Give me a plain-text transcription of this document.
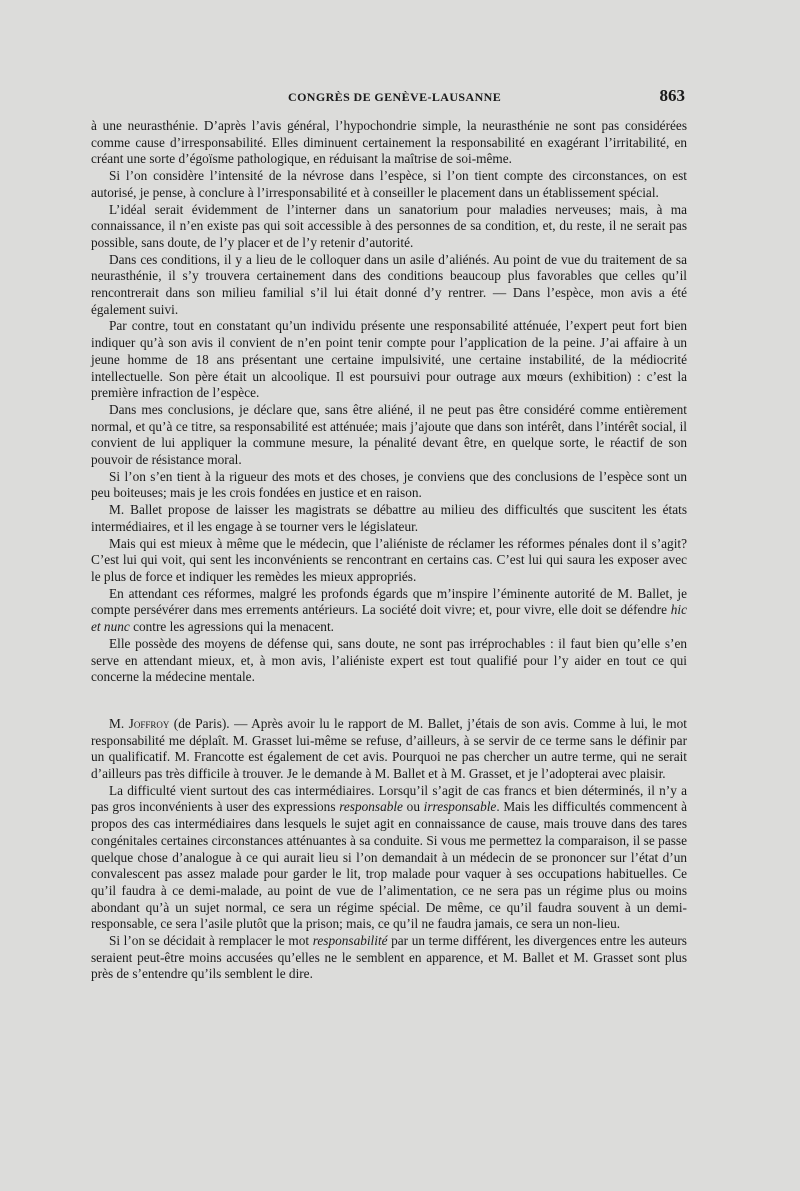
CONGRÈS DE GENÈVE-LAUSANNE	863

à une neurasthénie. D’après l’avis général, l’hypochondrie simple, la neurasthénie ne sont pas considérées comme cause d’irresponsabilité. Elles diminuent certainement la responsabilité en exagérant l’irritabilité, en créant une sorte d’égoïsme pathologique, en réduisant la maîtrise de soi-même.

Si l’on considère l’intensité de la névrose dans l’espèce, si l’on tient compte des circonstances, on est autorisé, je pense, à conclure à l’irresponsabilité et à conseiller le placement dans un établissement spécial.

L’idéal serait évidemment de l’interner dans un sanatorium pour maladies nerveuses; mais, à ma connaissance, il n’en existe pas qui soit accessible à des personnes de sa condition, et, du reste, il ne serait pas possible, sans doute, de l’y placer et de l’y retenir d’autorité.

Dans ces conditions, il y a lieu de le colloquer dans un asile d’aliénés. Au point de vue du traitement de sa neurasthénie, il s’y trouvera certainement dans des conditions beaucoup plus favorables que celles qu’il rencontrerait dans son milieu familial s’il lui était donné d’y rentrer. — Dans l’espèce, mon avis a été également suivi.

Par contre, tout en constatant qu’un individu présente une responsabilité atténuée, l’expert peut fort bien indiquer qu’à son avis il convient de n’en point tenir compte pour l’application de la peine. J’ai affaire à un jeune homme de 18 ans présentant une certaine impulsivité, une certaine instabilité, de la médiocrité intellectuelle. Son père était un alcoolique. Il est poursuivi pour outrage aux mœurs (exhibition) : c’est la première infraction de l’espèce.

Dans mes conclusions, je déclare que, sans être aliéné, il ne peut pas être considéré comme entièrement normal, et qu’à ce titre, sa responsabilité est atténuée; mais j’ajoute que dans son intérêt, dans l’intérêt social, il convient de lui appliquer la commune mesure, la pénalité devant être, en quelque sorte, le réactif de son pouvoir de résistance moral.

Si l’on s’en tient à la rigueur des mots et des choses, je conviens que des conclusions de l’espèce sont un peu boiteuses; mais je les crois fondées en justice et en raison.

M. Ballet propose de laisser les magistrats se débattre au milieu des difficultés que suscitent les états intermédiaires, et il les engage à se tourner vers le législateur.

Mais qui est mieux à même que le médecin, que l’aliéniste de réclamer les réformes pénales dont il s’agit? C’est lui qui voit, qui sent les inconvénients se rencontrant en certains cas. C’est lui qui saura les exposer avec le plus de force et indiquer les remèdes les mieux appropriés.

En attendant ces réformes, malgré les profonds égards que m’inspire l’éminente autorité de M. Ballet, je compte persévérer dans mes errements antérieurs. La société doit vivre; et, pour vivre, elle doit se défendre hic et nunc contre les agressions qui la menacent.

Elle possède des moyens de défense qui, sans doute, ne sont pas irréprochables : il faut bien qu’elle s’en serve en attendant mieux, et, à mon avis, l’aliéniste expert est tout qualifié pour l’y aider en tout ce qui concerne la médecine mentale.

M. Joffroy (de Paris). — Après avoir lu le rapport de M. Ballet, j’étais de son avis. Comme à lui, le mot responsabilité me déplaît. M. Grasset lui-même se refuse, d’ailleurs, à se servir de ce terme sans le définir par un qualificatif. M. Francotte est également de cet avis. Pourquoi ne pas chercher un autre terme, qui ne serait d’ailleurs pas très difficile à trouver. Je le demande à M. Ballet et à M. Grasset, et je l’adopterai avec plaisir.

La difficulté vient surtout des cas intermédiaires. Lorsqu’il s’agit de cas francs et bien déterminés, il n’y a pas gros inconvénients à user des expressions responsable ou irresponsable. Mais les difficultés commencent à propos des cas intermédiaires dans lesquels le sujet agit en connaissance de cause, mais trouve dans des tares congénitales certaines circonstances atténuantes à sa conduite. Si vous me permettez la comparaison, il se passe quelque chose d’analogue à ce qui aurait lieu si l’on demandait à un médecin de se prononcer sur l’état d’un convalescent pas assez malade pour garder le lit, trop malade pour vaquer à ses occupations habituelles. Ce qu’il faudra à ce demi-malade, au point de vue de l’alimentation, ce ne sera pas un régime plus ou moins abondant qu’à un sujet normal, ce sera un régime spécial. De même, ce qu’il faudra souvent à un demi-responsable, ce sera l’asile plutôt que la prison; mais, ce qu’il ne faudra jamais, ce sera un non-lieu.

Si l’on se décidait à remplacer le mot responsabilité par un terme différent, les divergences entre les auteurs seraient peut-être moins accusées qu’elles ne le semblent en apparence, et M. Ballet et M. Grasset sont plus près de s’entendre qu’ils semblent le dire.
